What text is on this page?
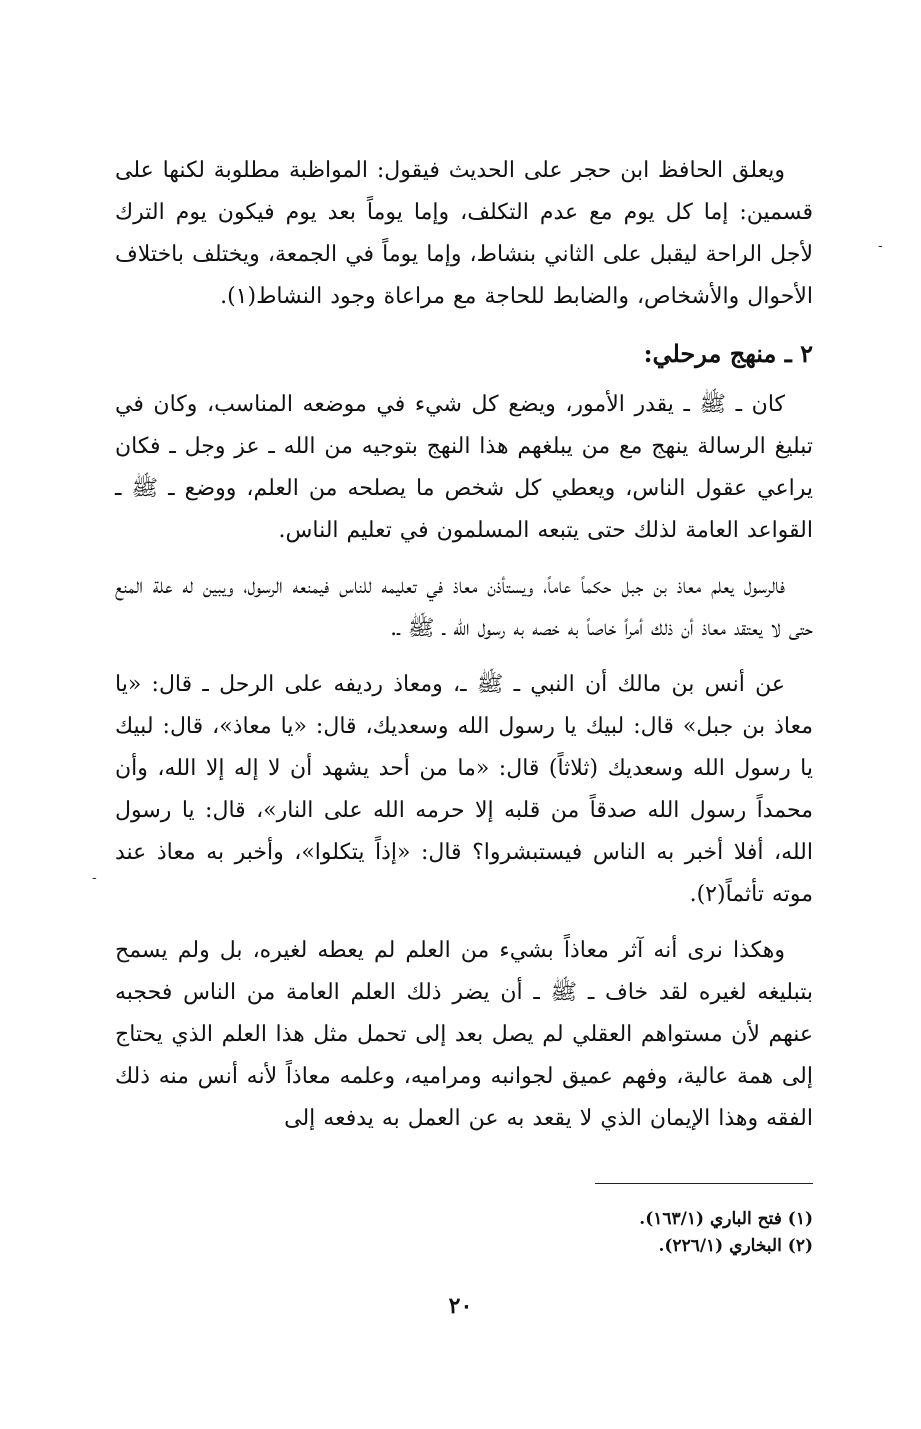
ويعلق الحافظ ابن حجر على الحديث فيقول: المواظبة مطلوبة لكنها على قسمين: إما كل يوم مع عدم التكلف، وإما يوماً بعد يوم فيكون يوم الترك لأجل الراحة ليقبل على الثاني بنشاط، وإما يوماً في الجمعة، ويختلف باختلاف الأحوال والأشخاص، والضابط للحاجة مع مراعاة وجود النشاط(١).

٢ ـ منهج مرحلي:

كان ـ ﷺ ـ يقدر الأمور، ويضع كل شيء في موضعه المناسب، وكان في تبليغ الرسالة ينهج مع من يبلغهم هذا النهج بتوجيه من الله ـ عز وجل ـ فكان يراعي عقول الناس، ويعطي كل شخص ما يصلحه من العلم، ووضع ـ ﷺ ـ القواعد العامة لذلك حتى يتبعه المسلمون في تعليم الناس.

فالرسول يعلم معاذ بن جبل حكماً عاماً، ويستأذن معاذ في تعليمه للناس فيمنعه الرسول، ويبين له علة المنع حتى لا يعتقد معاذ أن ذلك أمراً خاصاً به خصه به رسول الله ـ ﷺ ـ.

عن أنس بن مالك أن النبي ـ ﷺ ـ، ومعاذ رديفه على الرحل ـ قال: «يا معاذ بن جبل» قال: لبيك يا رسول الله وسعديك، قال: «يا معاذ»، قال: لبيك يا رسول الله وسعديك (ثلاثاً) قال: «ما من أحد يشهد أن لا إله إلا الله، وأن محمداً رسول الله صدقاً من قلبه إلا حرمه الله على النار»، قال: يا رسول الله، أفلا أخبر به الناس فيستبشروا؟ قال: «إذاً يتكلوا»، وأخبر به معاذ عند موته تأثماً(٢).

وهكذا نرى أنه آثر معاذاً بشيء من العلم لم يعطه لغيره، بل ولم يسمح بتبليغه لغيره لقد خاف ـ ﷺ ـ أن يضر ذلك العلم العامة من الناس فحجبه عنهم لأن مستواهم العقلي لم يصل بعد إلى تحمل مثل هذا العلم الذي يحتاج إلى همة عالية، وفهم عميق لجوانبه ومراميه، وعلمه معاذاً لأنه أنس منه ذلك الفقه وهذا الإيمان الذي لا يقعد به عن العمل به يدفعه إلى

(١) فتح الباري (١٦٣/١).

(٢) البخاري (٢٢٦/١).

٢٠
-
-
